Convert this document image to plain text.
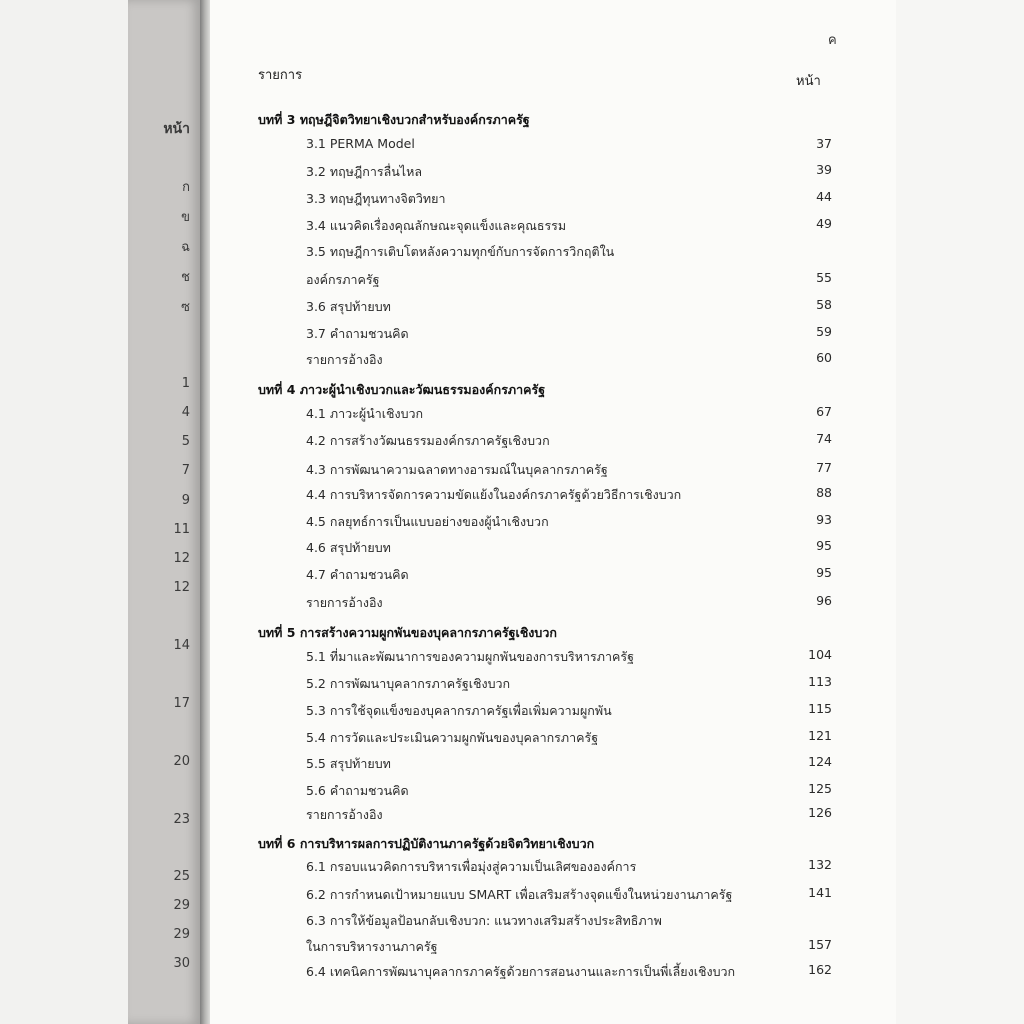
หน้า
ก
ข
ฉ
ช
ซ
1
4
5
7
9
11
12
12
14
17
20
23
25
29
29
30
ค
รายการ	หน้า
บทที่ 3 ทฤษฎีจิตวิทยาเชิงบวกสำหรับองค์กรภาครัฐ
3.1 PERMA Model	37
3.2 ทฤษฎีการลื่นไหล	39
3.3 ทฤษฎีทุนทางจิตวิทยา	44
3.4 แนวคิดเรื่องคุณลักษณะจุดแข็งและคุณธรรม	49
3.5 ทฤษฎีการเติบโตหลังความทุกข์กับการจัดการวิกฤติใน
องค์กรภาครัฐ	55
3.6 สรุปท้ายบท	58
3.7 คำถามชวนคิด	59
รายการอ้างอิง	60
บทที่ 4 ภาวะผู้นำเชิงบวกและวัฒนธรรมองค์กรภาครัฐ
4.1 ภาวะผู้นำเชิงบวก	67
4.2 การสร้างวัฒนธรรมองค์กรภาครัฐเชิงบวก	74
4.3 การพัฒนาความฉลาดทางอารมณ์ในบุคลากรภาครัฐ	77
4.4 การบริหารจัดการความขัดแย้งในองค์กรภาครัฐด้วยวิธีการเชิงบวก	88
4.5 กลยุทธ์การเป็นแบบอย่างของผู้นำเชิงบวก	93
4.6 สรุปท้ายบท	95
4.7 คำถามชวนคิด	95
รายการอ้างอิง	96
บทที่ 5 การสร้างความผูกพันของบุคลากรภาครัฐเชิงบวก
5.1 ที่มาและพัฒนาการของความผูกพันของการบริหารภาครัฐ	104
5.2 การพัฒนาบุคลากรภาครัฐเชิงบวก	113
5.3 การใช้จุดแข็งของบุคลากรภาครัฐเพื่อเพิ่มความผูกพัน	115
5.4 การวัดและประเมินความผูกพันของบุคลากรภาครัฐ	121
5.5 สรุปท้ายบท	124
5.6 คำถามชวนคิด	125
รายการอ้างอิง	126
บทที่ 6 การบริหารผลการปฏิบัติงานภาครัฐด้วยจิตวิทยาเชิงบวก
6.1 กรอบแนวคิดการบริหารเพื่อมุ่งสู่ความเป็นเลิศขององค์การ	132
6.2 การกำหนดเป้าหมายแบบ SMART เพื่อเสริมสร้างจุดแข็งในหน่วยงานภาครัฐ	141
6.3 การให้ข้อมูลป้อนกลับเชิงบวก: แนวทางเสริมสร้างประสิทธิภาพ
ในการบริหารงานภาครัฐ	157
6.4 เทคนิคการพัฒนาบุคลากรภาครัฐด้วยการสอนงานและการเป็นพี่เลี้ยงเชิงบวก	162
